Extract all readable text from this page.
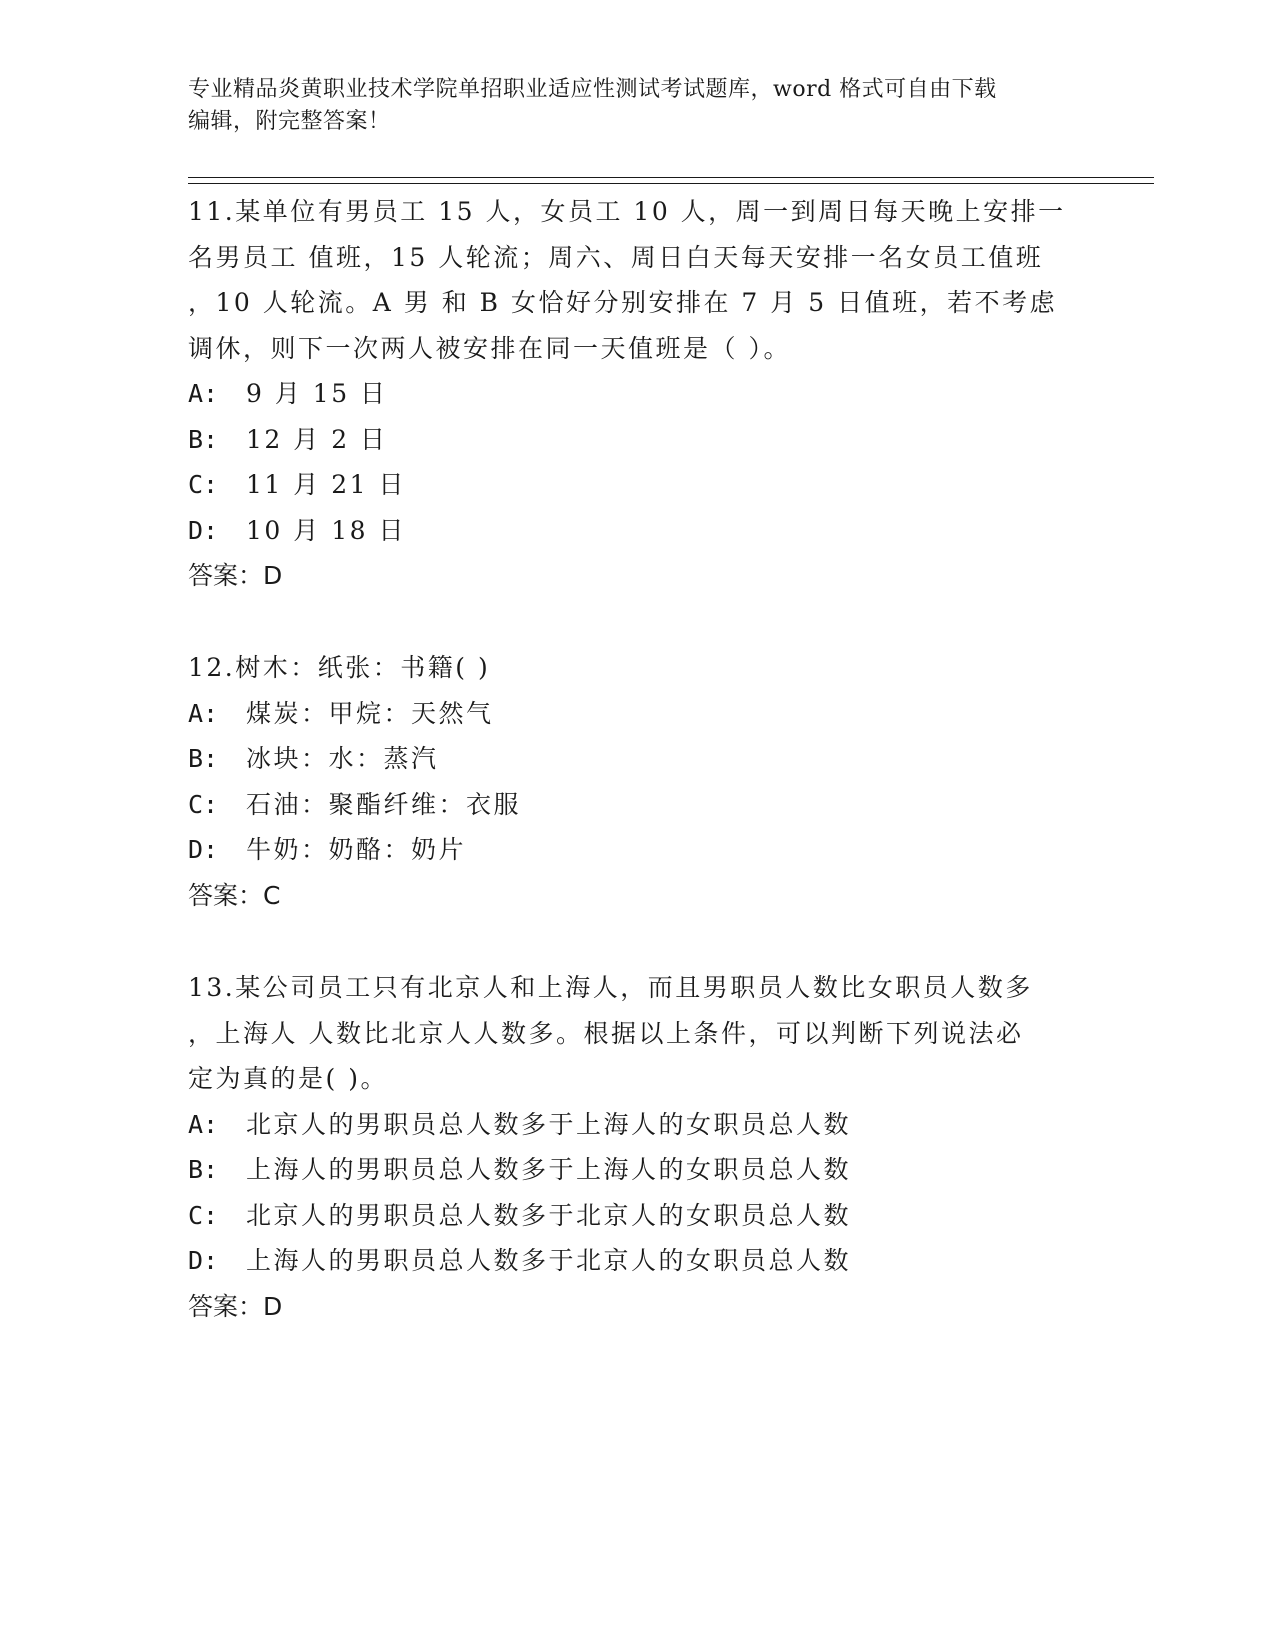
专业精品炎黄职业技术学院单招职业适应性测试考试题库，word 格式可自由下载
编辑，附完整答案！
11.某单位有男员工 15 人，女员工 10 人，周一到周日每天晚上安排一
名男员工 值班，15 人轮流；周六、周日白天每天安排一名女员工值班
，10 人轮流。A 男 和 B 女恰好分别安排在 7 月 5 日值班，若不考虑
调休，则下一次两人被安排在同一天值班是（ ）。
A: 9 月 15 日
B: 12 月 2 日
C: 11 月 21 日
D: 10 月 18 日
答案：D
12.树木：纸张：书籍( )
A: 煤炭：甲烷：天然气
B: 冰块：水：蒸汽
C: 石油：聚酯纤维：衣服
D: 牛奶：奶酪：奶片
答案：C
13.某公司员工只有北京人和上海人，而且男职员人数比女职员人数多
，上海人 人数比北京人人数多。根据以上条件，可以判断下列说法必
定为真的是( )。
A: 北京人的男职员总人数多于上海人的女职员总人数
B: 上海人的男职员总人数多于上海人的女职员总人数
C: 北京人的男职员总人数多于北京人的女职员总人数
D: 上海人的男职员总人数多于北京人的女职员总人数
答案：D
